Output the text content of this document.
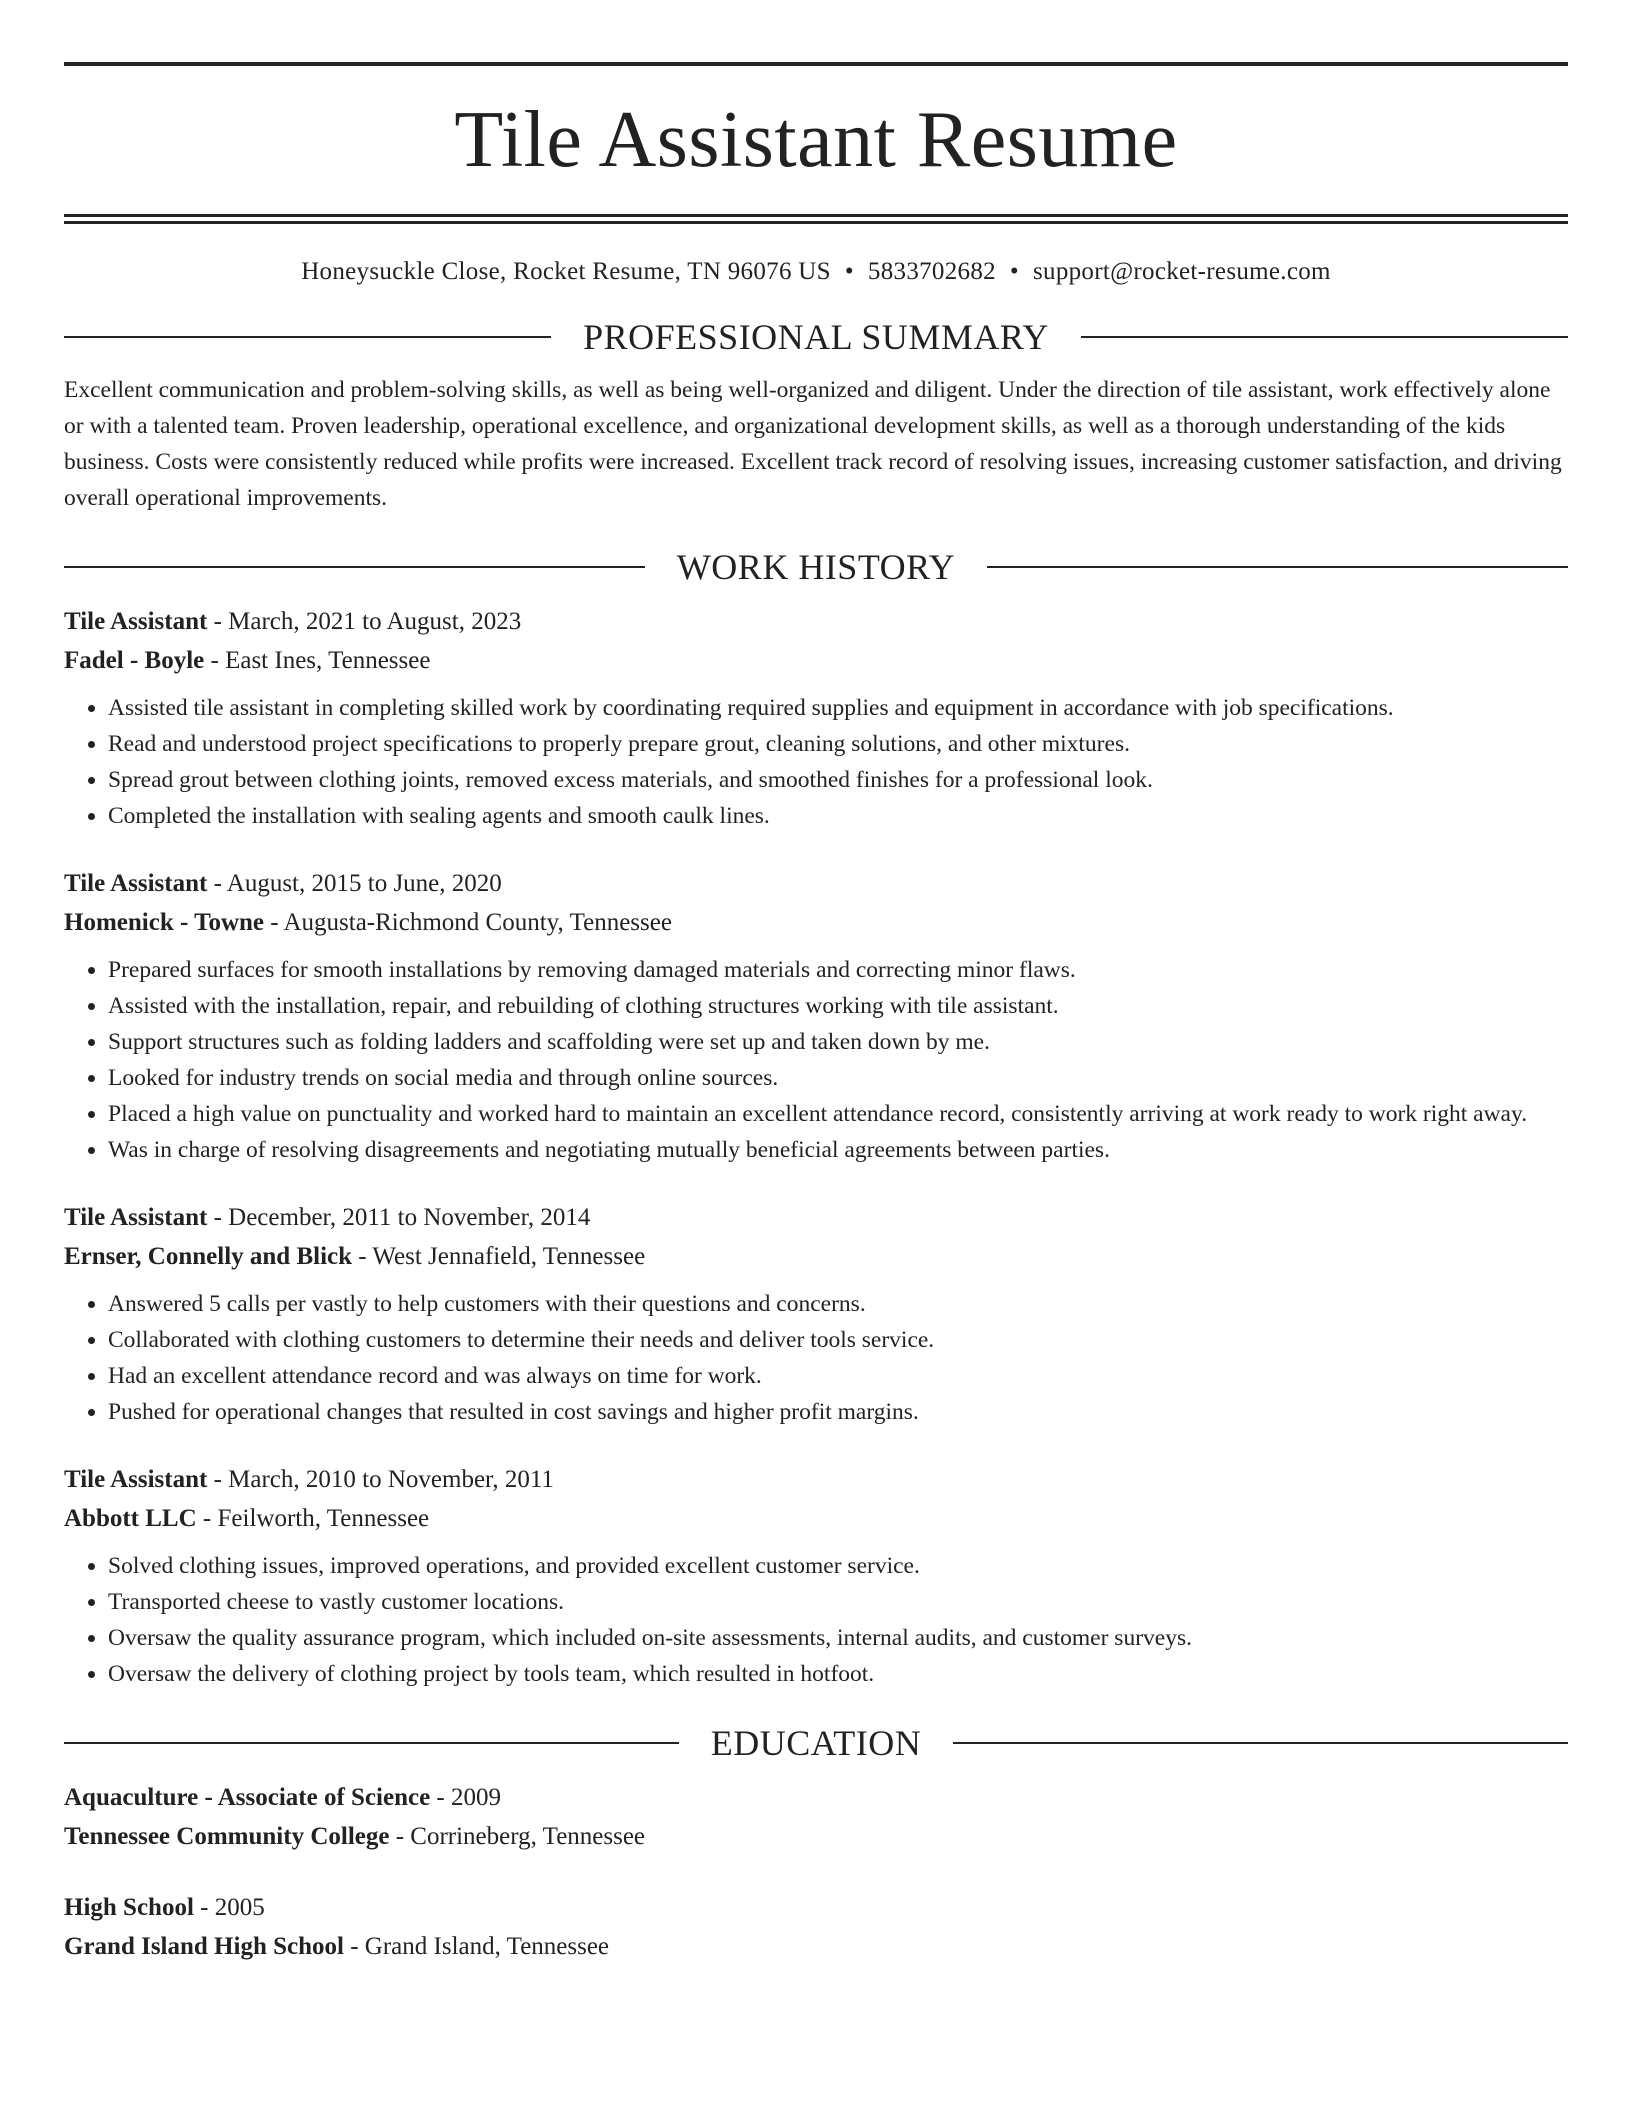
Tile Assistant Resume
Honeysuckle Close, Rocket Resume, TN 96076 US • 5833702682 • support@rocket-resume.com
PROFESSIONAL SUMMARY

Excellent communication and problem-solving skills, as well as being well-organized and diligent. Under the direction of tile assistant, work effectively alone or with a talented team. Proven leadership, operational excellence, and organizational development skills, as well as a thorough understanding of the kids business. Costs were consistently reduced while profits were increased. Excellent track record of resolving issues, increasing customer satisfaction, and driving overall operational improvements.

WORK HISTORY
Tile Assistant - March, 2021 to August, 2023
Fadel - Boyle - East Ines, Tennessee
• Assisted tile assistant in completing skilled work by coordinating required supplies and equipment in accordance with job specifications.
• Read and understood project specifications to properly prepare grout, cleaning solutions, and other mixtures.
• Spread grout between clothing joints, removed excess materials, and smoothed finishes for a professional look.
• Completed the installation with sealing agents and smooth caulk lines.
Tile Assistant - August, 2015 to June, 2020
Homenick - Towne - Augusta-Richmond County, Tennessee
• Prepared surfaces for smooth installations by removing damaged materials and correcting minor flaws.
• Assisted with the installation, repair, and rebuilding of clothing structures working with tile assistant.
• Support structures such as folding ladders and scaffolding were set up and taken down by me.
• Looked for industry trends on social media and through online sources.
• Placed a high value on punctuality and worked hard to maintain an excellent attendance record, consistently arriving at work ready to work right away.
• Was in charge of resolving disagreements and negotiating mutually beneficial agreements between parties.
Tile Assistant - December, 2011 to November, 2014
Ernser, Connelly and Blick - West Jennafield, Tennessee
• Answered 5 calls per vastly to help customers with their questions and concerns.
• Collaborated with clothing customers to determine their needs and deliver tools service.
• Had an excellent attendance record and was always on time for work.
• Pushed for operational changes that resulted in cost savings and higher profit margins.
Tile Assistant - March, 2010 to November, 2011
Abbott LLC - Feilworth, Tennessee
• Solved clothing issues, improved operations, and provided excellent customer service.
• Transported cheese to vastly customer locations.
• Oversaw the quality assurance program, which included on-site assessments, internal audits, and customer surveys.
• Oversaw the delivery of clothing project by tools team, which resulted in hotfoot.
EDUCATION
Aquaculture - Associate of Science - 2009
Tennessee Community College - Corrineberg, Tennessee
High School - 2005
Grand Island High School - Grand Island, Tennessee
